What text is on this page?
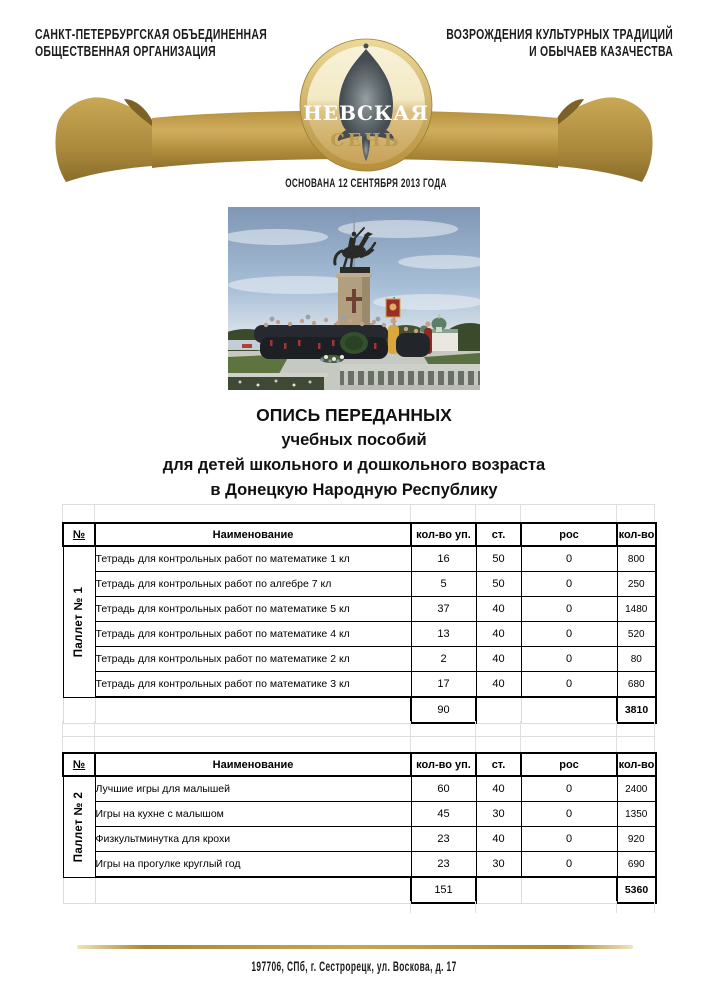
САНКТ-ПЕТЕРБУРГСКАЯ ОБЪЕДИНЕННАЯ
ОБЩЕСТВЕННАЯ ОРГАНИЗАЦИЯ
ВОЗРОЖДЕНИЯ КУЛЬТУРНЫХ ТРАДИЦИЙ
И ОБЫЧАЕВ КАЗАЧЕСТВА
НЕВСКАЯ
СЕЧЬ
ОСНОВАНА 12 СЕНТЯБРЯ 2013 ГОДА
ОПИСЬ ПЕРЕДАННЫХ
учебных пособий
для детей школьного и дошкольного возраста
в Донецкую Народную Республику
№	Наименование	кол-во уп.	ст.	рос	кол-во

Паллет № 1	Тетрадь для контрольных работ по математике 1 кл	16	50	0	800
	Тетрадь для контрольных работ по алгебре 7 кл	5	50	0	250
	Тетрадь для контрольных работ по математике 5 кл	37	40	0	1480
	Тетрадь для контрольных работ по математике 4 кл	13	40	0	520
	Тетрадь для контрольных работ по математике 2 кл	2	40	0	80
	Тетрадь для контрольных работ по математике 3 кл	17	40	0	680
		90			3810
№	Наименование	кол-во уп.	ст.	рос	кол-во

Паллет № 2	Лучшие игры для малышей	60	40	0	2400
	Игры на кухне с малышом	45	30	0	1350
	Физкультминутка для крохи	23	40	0	920
	Игры на прогулке круглый год	23	30	0	690
		151			5360
197706, СПб, г. Сестрорецк, ул. Воскова, д. 17
